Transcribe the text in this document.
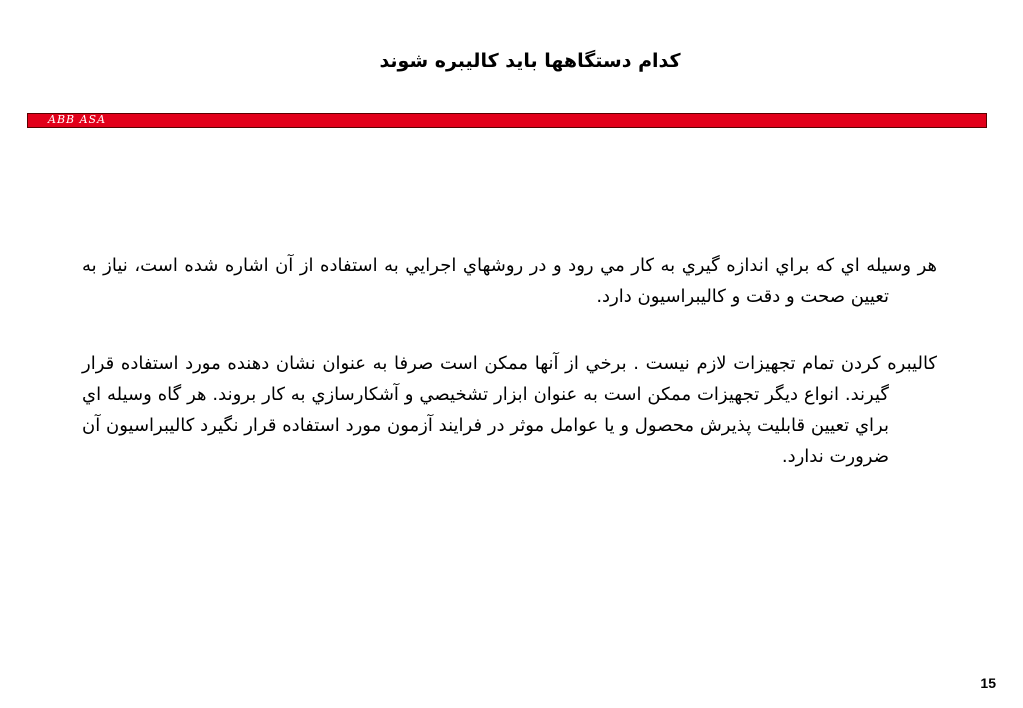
كدام دستگاهها بايد كاليبره شوند
ABB ASA

هر وسيله اي كه براي اندازه گيري به كار مي رود و در روشهاي اجرايي به استفاده از آن اشاره شده است، نياز به تعيين صحت و دقت و كاليبراسيون دارد.

كاليبره كردن تمام تجهيزات لازم نيست . برخي از آنها ممكن است صرفا به عنوان نشان دهنده مورد استفاده قرار گيرند. انواع ديگر تجهيزات ممكن است به عنوان ابزار تشخيصي و آشكارسازي به كار بروند. هر گاه وسيله اي براي تعيين قابليت پذيرش محصول و يا عوامل موثر در فرايند آزمون مورد استفاده قرار نگيرد كاليبراسيون آن ضرورت ندارد.

15
